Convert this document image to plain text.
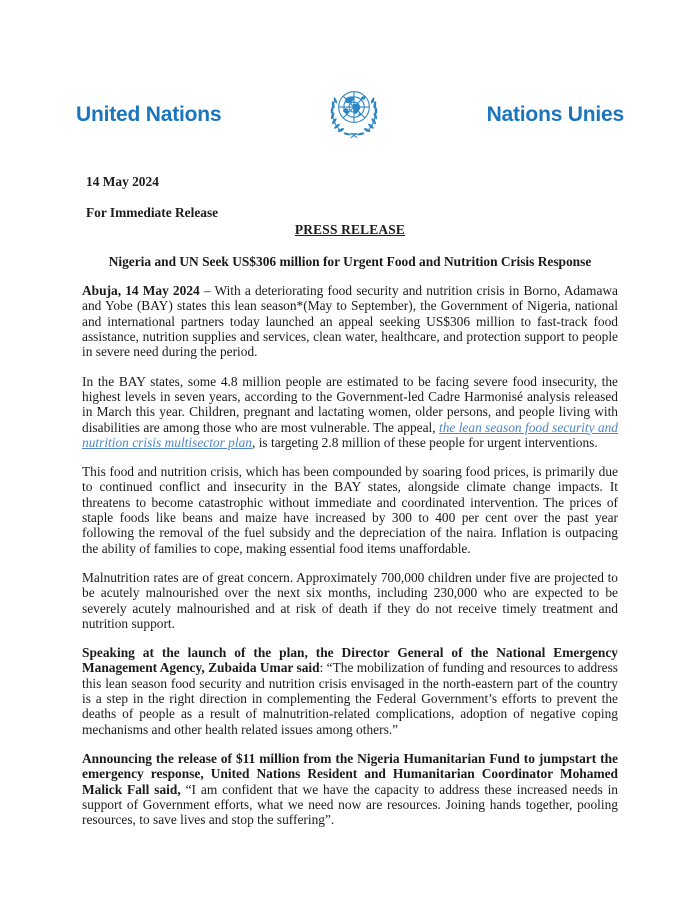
United Nations	Nations Unies

14 May 2024

For Immediate Release

PRESS RELEASE

Nigeria and UN Seek US$306 million for Urgent Food and Nutrition Crisis Response

Abuja, 14 May 2024 – With a deteriorating food security and nutrition crisis in Borno, Adamawa and Yobe (BAY) states this lean season*(May to September), the Government of Nigeria, national and international partners today launched an appeal seeking US$306 million to fast-track food assistance, nutrition supplies and services, clean water, healthcare, and protection support to people in severe need during the period.

In the BAY states, some 4.8 million people are estimated to be facing severe food insecurity, the highest levels in seven years, according to the Government-led Cadre Harmonisé analysis released in March this year. Children, pregnant and lactating women, older persons, and people living with disabilities are among those who are most vulnerable. The appeal, the lean season food security and nutrition crisis multisector plan, is targeting 2.8 million of these people for urgent interventions.

This food and nutrition crisis, which has been compounded by soaring food prices, is primarily due to continued conflict and insecurity in the BAY states, alongside climate change impacts. It threatens to become catastrophic without immediate and coordinated intervention. The prices of staple foods like beans and maize have increased by 300 to 400 per cent over the past year following the removal of the fuel subsidy and the depreciation of the naira. Inflation is outpacing the ability of families to cope, making essential food items unaffordable.

Malnutrition rates are of great concern. Approximately 700,000 children under five are projected to be acutely malnourished over the next six months, including 230,000 who are expected to be severely acutely malnourished and at risk of death if they do not receive timely treatment and nutrition support.

Speaking at the launch of the plan, the Director General of the National Emergency Management Agency, Zubaida Umar said: “The mobilization of funding and resources to address this lean season food security and nutrition crisis envisaged in the north-eastern part of the country is a step in the right direction in complementing the Federal Government’s efforts to prevent the deaths of people as a result of malnutrition-related complications, adoption of negative coping mechanisms and other health related issues among others.”

Announcing the release of $11 million from the Nigeria Humanitarian Fund to jumpstart the emergency response, United Nations Resident and Humanitarian Coordinator Mohamed Malick Fall said, “I am confident that we have the capacity to address these increased needs in support of Government efforts, what we need now are resources. Joining hands together, pooling resources, to save lives and stop the suffering”.
